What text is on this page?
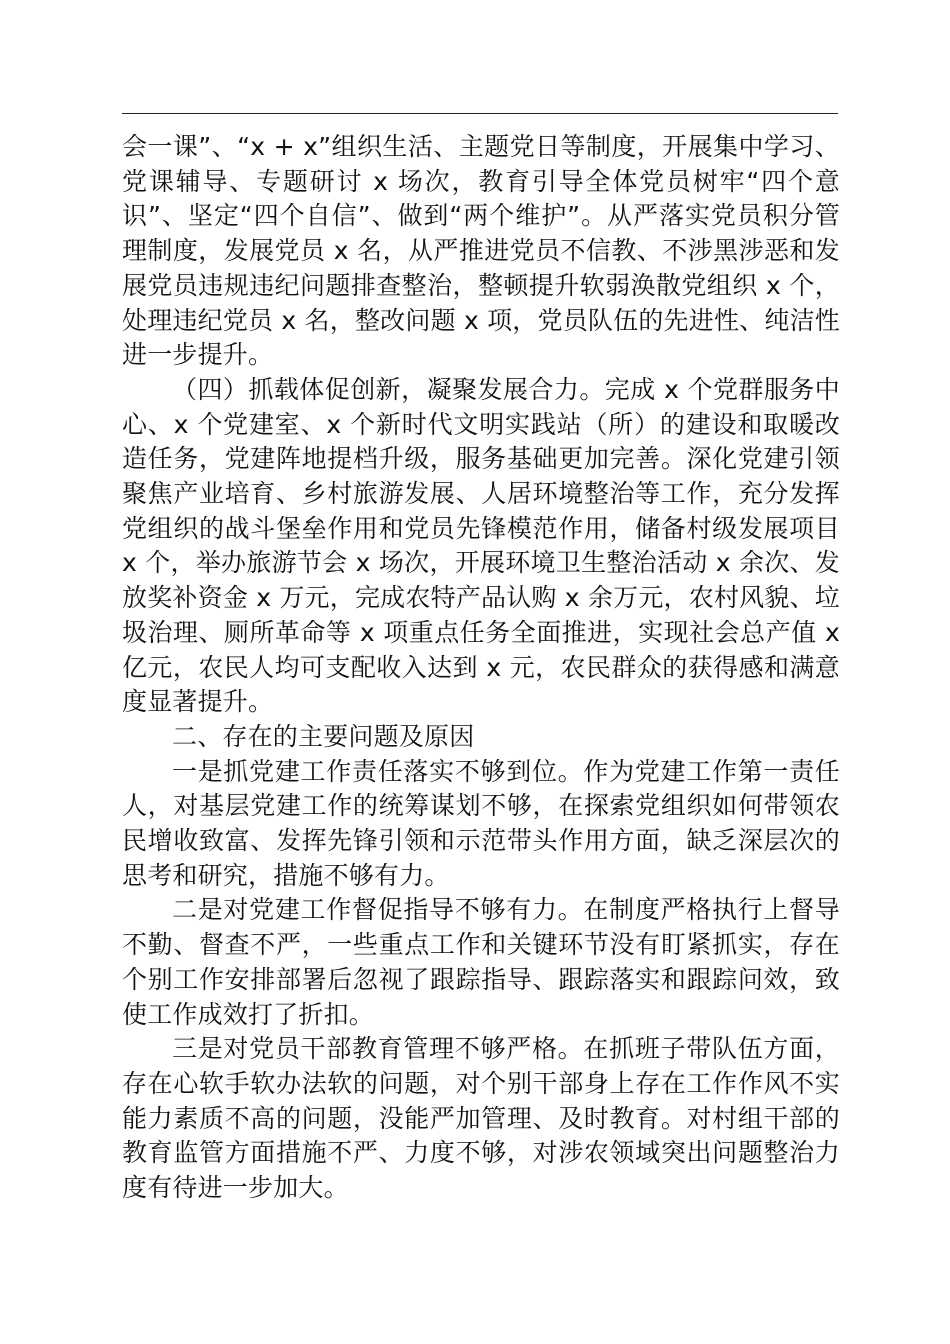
会一课”、“x + x”组织生活、主题党日等制度，开展集中学习、党课辅导、专题研讨 x 场次，教育引导全体党员树牢“四个意识”、坚定“四个自信”、做到“两个维护”。从严落实党员积分管理制度，发展党员 x 名，从严推进党员不信教、不涉黑涉恶和发展党员违规违纪问题排查整治，整顿提升软弱涣散党组织 x 个，处理违纪党员 x 名，整改问题 x 项，党员队伍的先进性、纯洁性进一步提升。

（四）抓载体促创新，凝聚发展合力。完成 x 个党群服务中心、x 个党建室、x 个新时代文明实践站（所）的建设和取暖改造任务，党建阵地提档升级，服务基础更加完善。深化党建引领聚焦产业培育、乡村旅游发展、人居环境整治等工作，充分发挥党组织的战斗堡垒作用和党员先锋模范作用，储备村级发展项目 x 个，举办旅游节会 x 场次，开展环境卫生整治活动 x 余次、发放奖补资金 x 万元，完成农特产品认购 x 余万元，农村风貌、垃圾治理、厕所革命等 x 项重点任务全面推进，实现社会总产值 x 亿元，农民人均可支配收入达到 x 元，农民群众的获得感和满意度显著提升。

二、存在的主要问题及原因

一是抓党建工作责任落实不够到位。作为党建工作第一责任人，对基层党建工作的统筹谋划不够，在探索党组织如何带领农民增收致富、发挥先锋引领和示范带头作用方面，缺乏深层次的思考和研究，措施不够有力。

二是对党建工作督促指导不够有力。在制度严格执行上督导不勤、督查不严，一些重点工作和关键环节没有盯紧抓实，存在个别工作安排部署后忽视了跟踪指导、跟踪落实和跟踪问效，致使工作成效打了折扣。

三是对党员干部教育管理不够严格。在抓班子带队伍方面，存在心软手软办法软的问题，对个别干部身上存在工作作风不实能力素质不高的问题，没能严加管理、及时教育。对村组干部的教育监管方面措施不严、力度不够，对涉农领域突出问题整治力度有待进一步加大。
